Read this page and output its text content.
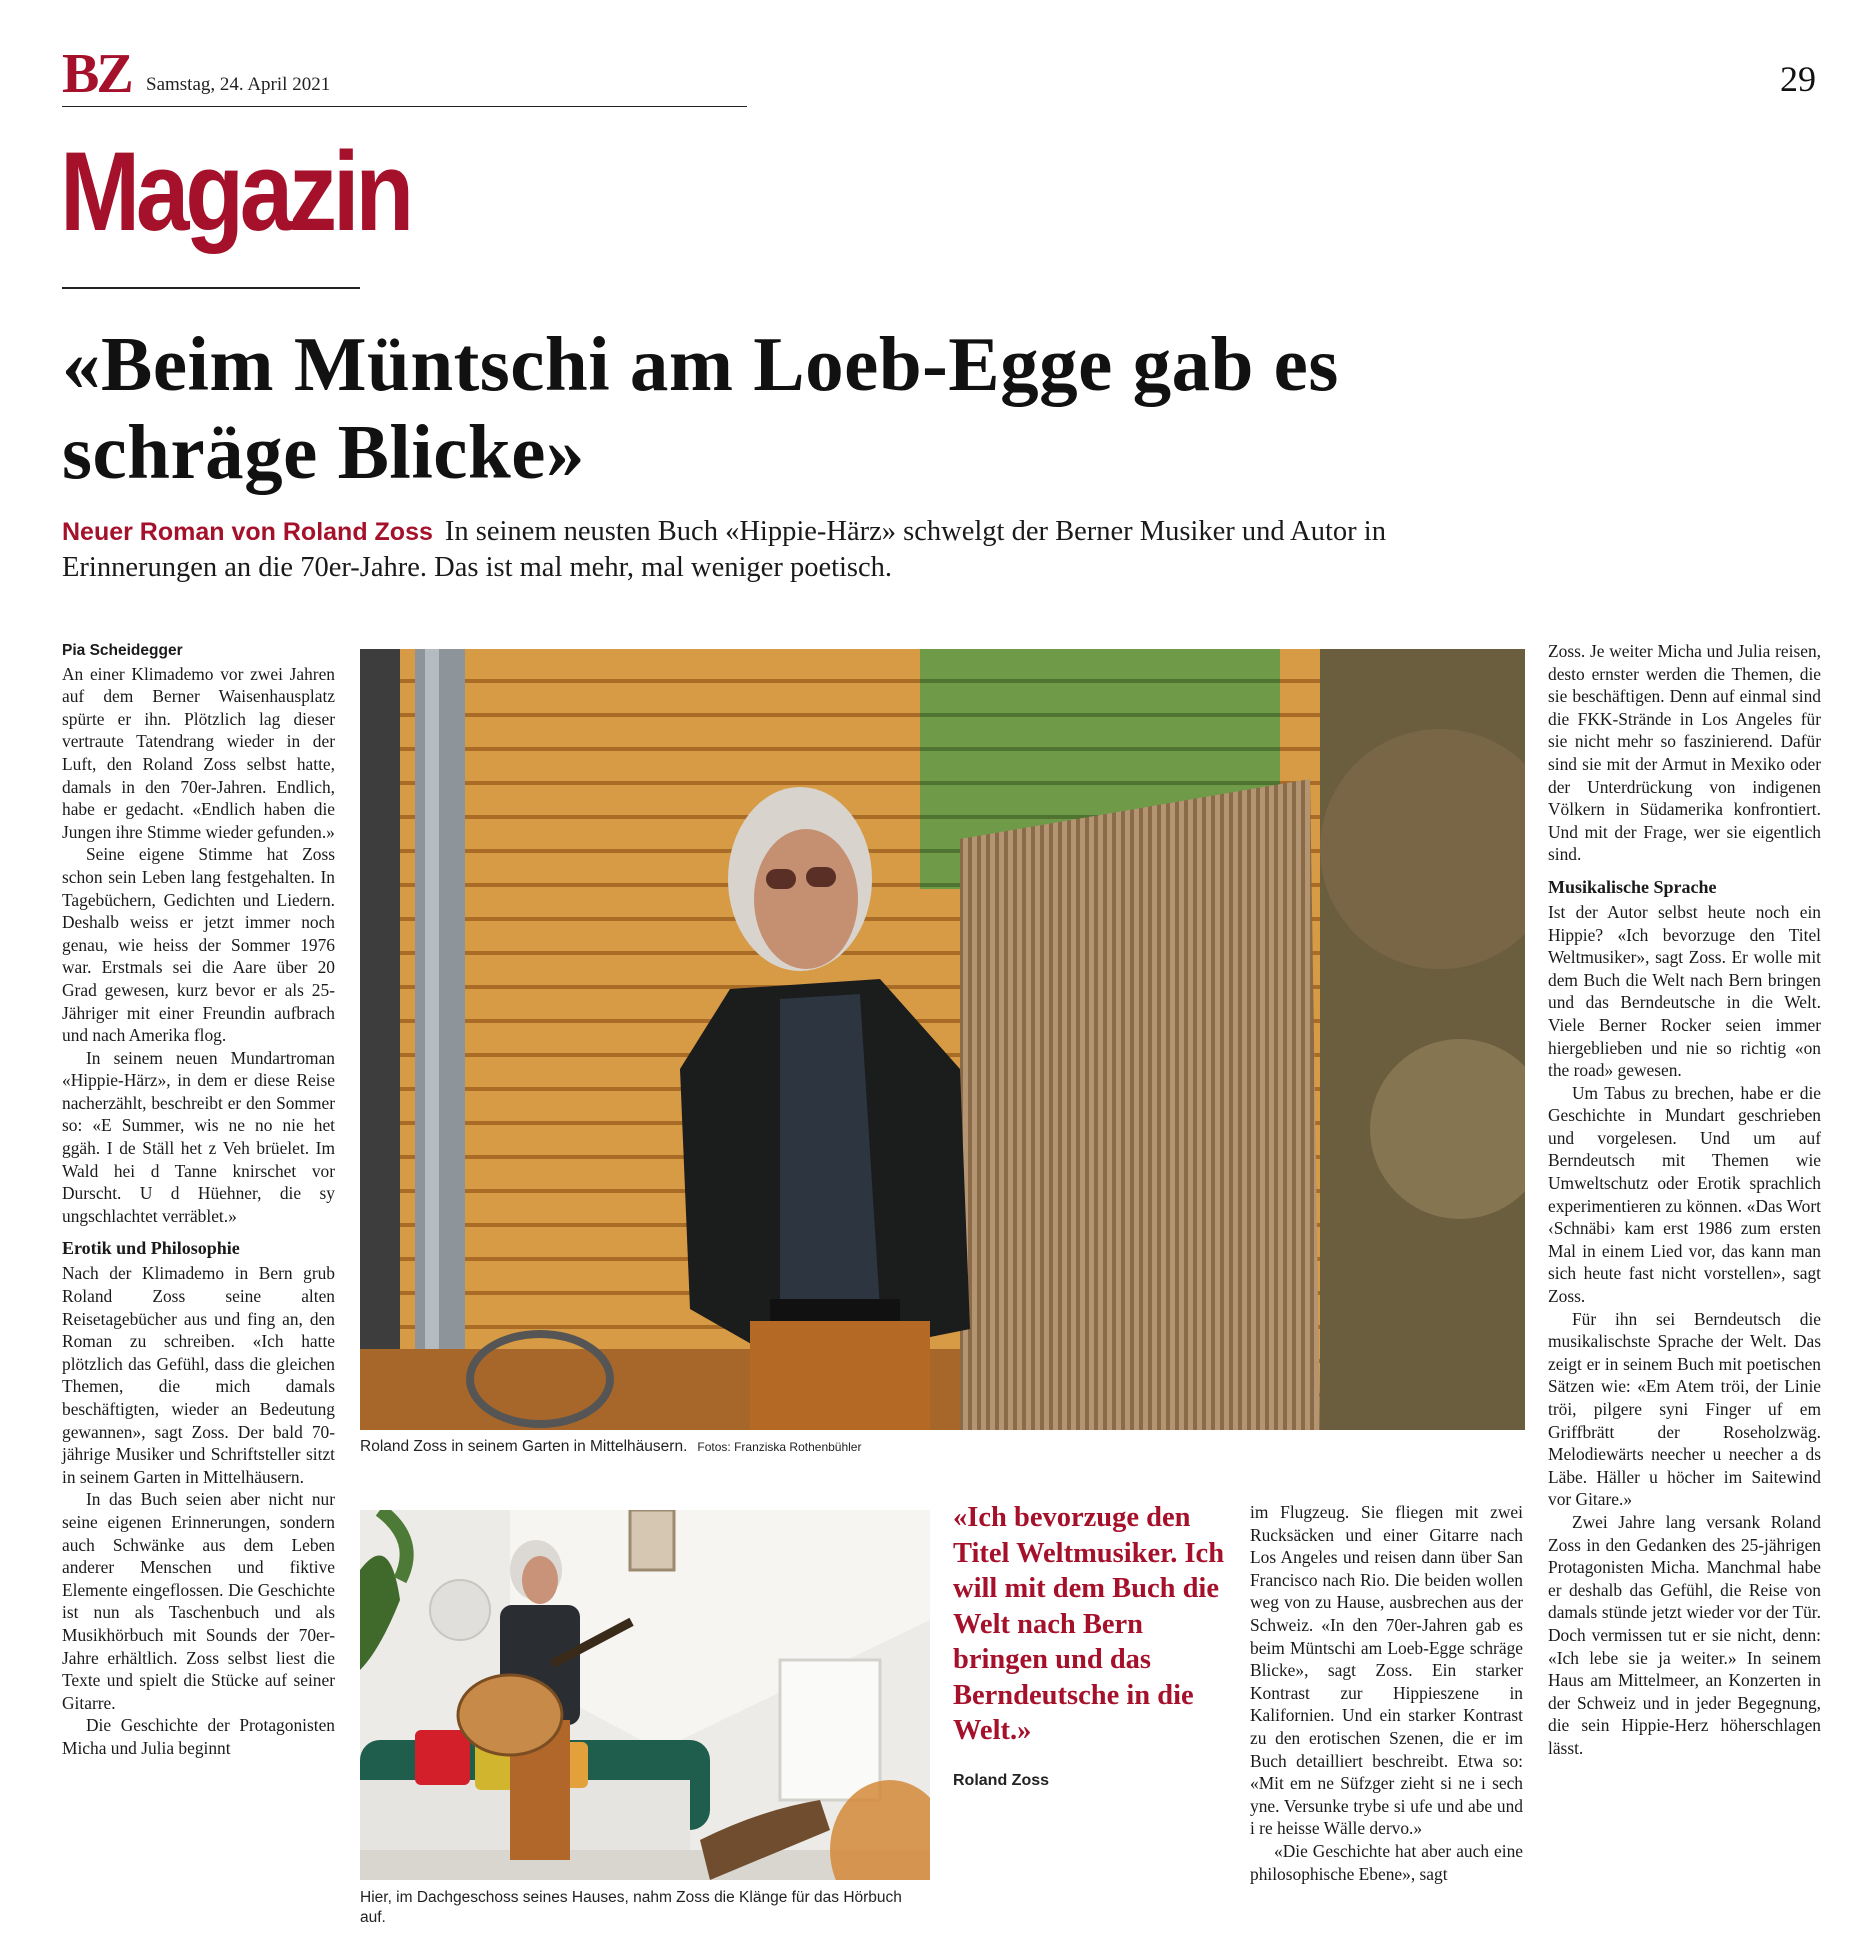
BZ Samstag, 24. April 2021	29
Magazin
«Beim Müntschi am Loeb-Egge gab es schräge Blicke»

Neuer Roman von Roland Zoss In seinem neusten Buch «Hippie-Härz» schwelgt der Berner Musiker und Autor in Erinnerungen an die 70er-Jahre. Das ist mal mehr, mal weniger poetisch.

Pia Scheidegger

An einer Klimademo vor zwei Jahren auf dem Berner Waisenhausplatz spürte er ihn. Plötzlich lag dieser vertraute Tatendrang wieder in der Luft, den Roland Zoss selbst hatte, damals in den 70er-Jahren. Endlich, habe er gedacht. «Endlich haben die Jungen ihre Stimme wieder gefunden.»

Seine eigene Stimme hat Zoss schon sein Leben lang festgehalten. In Tagebüchern, Gedichten und Liedern. Deshalb weiss er jetzt immer noch genau, wie heiss der Sommer 1976 war. Erstmals sei die Aare über 20 Grad gewesen, kurz bevor er als 25-Jähriger mit einer Freundin aufbrach und nach Amerika flog.

In seinem neuen Mundartroman «Hippie-Härz», in dem er diese Reise nacherzählt, beschreibt er den Sommer so: «E Summer, wis ne no nie het ggäh. I de Ställ het z Veh brüelet. Im Wald hei d Tanne knirschet vor Durscht. U d Hüehner, die sy ungschlachtet verräblet.»

Erotik und Philosophie

Nach der Klimademo in Bern grub Roland Zoss seine alten Reisetagebücher aus und fing an, den Roman zu schreiben. «Ich hatte plötzlich das Gefühl, dass die gleichen Themen, die mich damals beschäftigten, wieder an Bedeutung gewannen», sagt Zoss. Der bald 70-jährige Musiker und Schriftsteller sitzt in seinem Garten in Mittelhäusern.

In das Buch seien aber nicht nur seine eigenen Erinnerungen, sondern auch Schwänke aus dem Leben anderer Menschen und fiktive Elemente eingeflossen. Die Geschichte ist nun als Taschenbuch und als Musikhörbuch mit Sounds der 70er-Jahre erhältlich. Zoss selbst liest die Texte und spielt die Stücke auf seiner Gitarre.

Die Geschichte der Protagonisten Micha und Julia beginnt

Roland Zoss in seinem Garten in Mittelhäusern. Fotos: Franziska Rothenbühler
Hier, im Dachgeschoss seines Hauses, nahm Zoss die Klänge für das Hörbuch auf.

«Ich bevorzuge den Titel Weltmusiker. Ich will mit dem Buch die Welt nach Bern bringen und das Berndeutsche in die Welt.»

Roland Zoss

im Flugzeug. Sie fliegen mit zwei Rucksäcken und einer Gitarre nach Los Angeles und reisen dann über San Francisco nach Rio. Die beiden wollen weg von zu Hause, ausbrechen aus der Schweiz. «In den 70er-Jahren gab es beim Müntschi am Loeb-Egge schräge Blicke», sagt Zoss. Ein starker Kontrast zur Hippieszene in Kalifornien. Und ein starker Kontrast zu den erotischen Szenen, die er im Buch detailliert beschreibt. Etwa so: «Mit em ne Süfzger zieht si ne i sech yne. Versunke trybe si ufe und abe und i re heisse Wälle dervo.»

«Die Geschichte hat aber auch eine philosophische Ebene», sagt

Zoss. Je weiter Micha und Julia reisen, desto ernster werden die Themen, die sie beschäftigen. Denn auf einmal sind die FKK-Strände in Los Angeles für sie nicht mehr so faszinierend. Dafür sind sie mit der Armut in Mexiko oder der Unterdrückung von indigenen Völkern in Südamerika konfrontiert. Und mit der Frage, wer sie eigentlich sind.

Musikalische Sprache

Ist der Autor selbst heute noch ein Hippie? «Ich bevorzuge den Titel Weltmusiker», sagt Zoss. Er wolle mit dem Buch die Welt nach Bern bringen und das Berndeutsche in die Welt. Viele Berner Rocker seien immer hiergeblieben und nie so richtig «on the road» gewesen.

Um Tabus zu brechen, habe er die Geschichte in Mundart geschrieben und vorgelesen. Und um auf Berndeutsch mit Themen wie Umweltschutz oder Erotik sprachlich experimentieren zu können. «Das Wort ‹Schnäbi› kam erst 1986 zum ersten Mal in einem Lied vor, das kann man sich heute fast nicht vorstellen», sagt Zoss.

Für ihn sei Berndeutsch die musikalischste Sprache der Welt. Das zeigt er in seinem Buch mit poetischen Sätzen wie: «Em Atem tröi, der Linie tröi, pilgere syni Finger uf em Griffbrätt der Roseholzwäg. Melodiewärts neecher u neecher a ds Läbe. Häller u höcher im Saitewind vor Gitare.»

Zwei Jahre lang versank Roland Zoss in den Gedanken des 25-jährigen Protagonisten Micha. Manchmal habe er deshalb das Gefühl, die Reise von damals stünde jetzt wieder vor der Tür. Doch vermissen tut er sie nicht, denn: «Ich lebe sie ja weiter.» In seinem Haus am Mittelmeer, an Konzerten in der Schweiz und in jeder Begegnung, die sein Hippie-Herz höherschlagen lässt.
